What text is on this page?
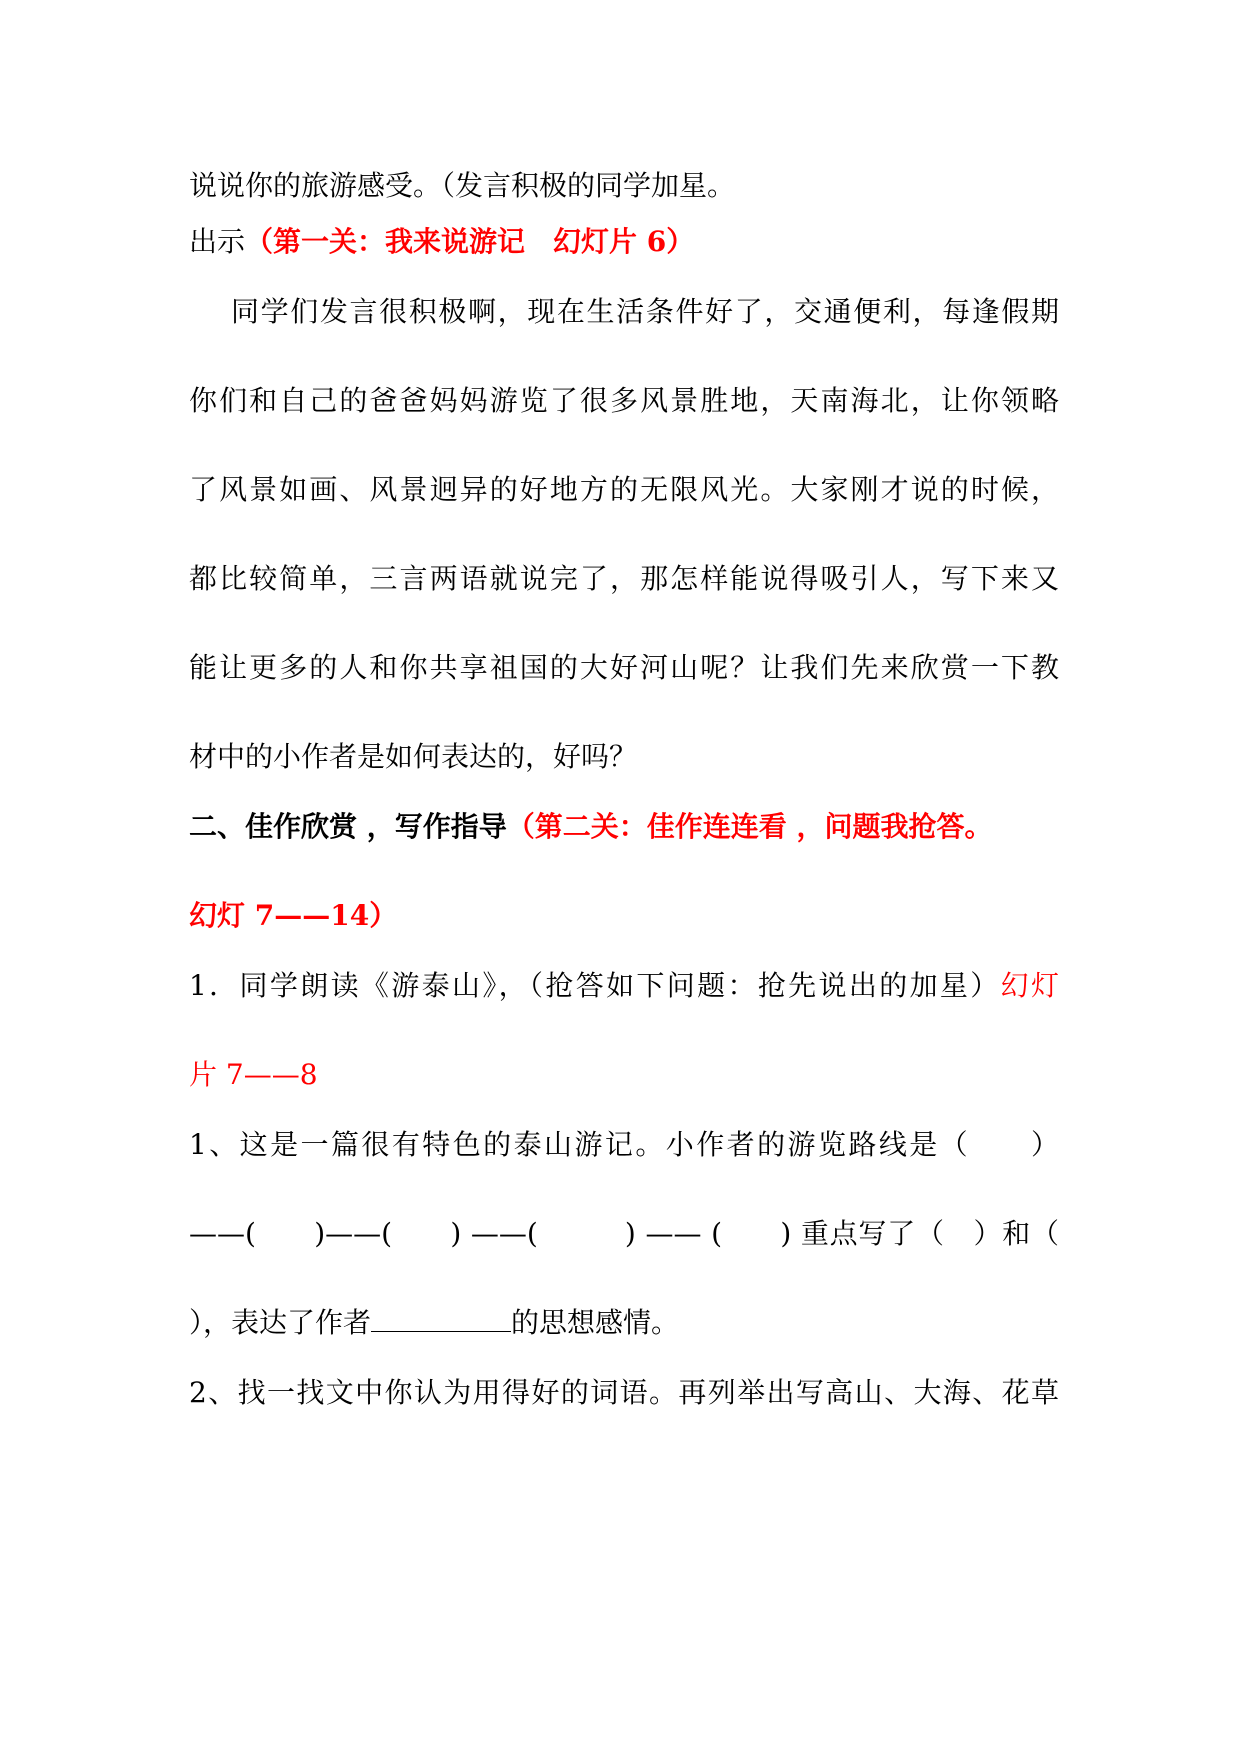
说说你的旅游感受。（发言积极的同学加星。
出示（第一关：我来说游记　幻灯片 6）
同学们发言很积极啊，现在生活条件好了，交通便利，每逢假期
你们和自己的爸爸妈妈游览了很多风景胜地，天南海北，让你领略
了风景如画、风景迥异的好地方的无限风光。大家刚才说的时候，
都比较简单，三言两语就说完了，那怎样能说得吸引人，写下来又
能让更多的人和你共享祖国的大好河山呢？让我们先来欣赏一下教
材中的小作者是如何表达的，好吗？
二、佳作欣赏 ，写作指导（第二关：佳作连连看 ，问题我抢答。
幻灯 7——14）
1．同学朗读《游泰山》，（抢答如下问题：抢先说出的加星）幻灯
片 7——8
1、这是一篇很有特色的泰山游记。小作者的游览路线是（　　）
——(　　)——(　　) ——(　　　) —— (　　) 重点写了（　）和（
），表达了作者	的思想感情。
2、找一找文中你认为用得好的词语。再列举出写高山、大海、花草
